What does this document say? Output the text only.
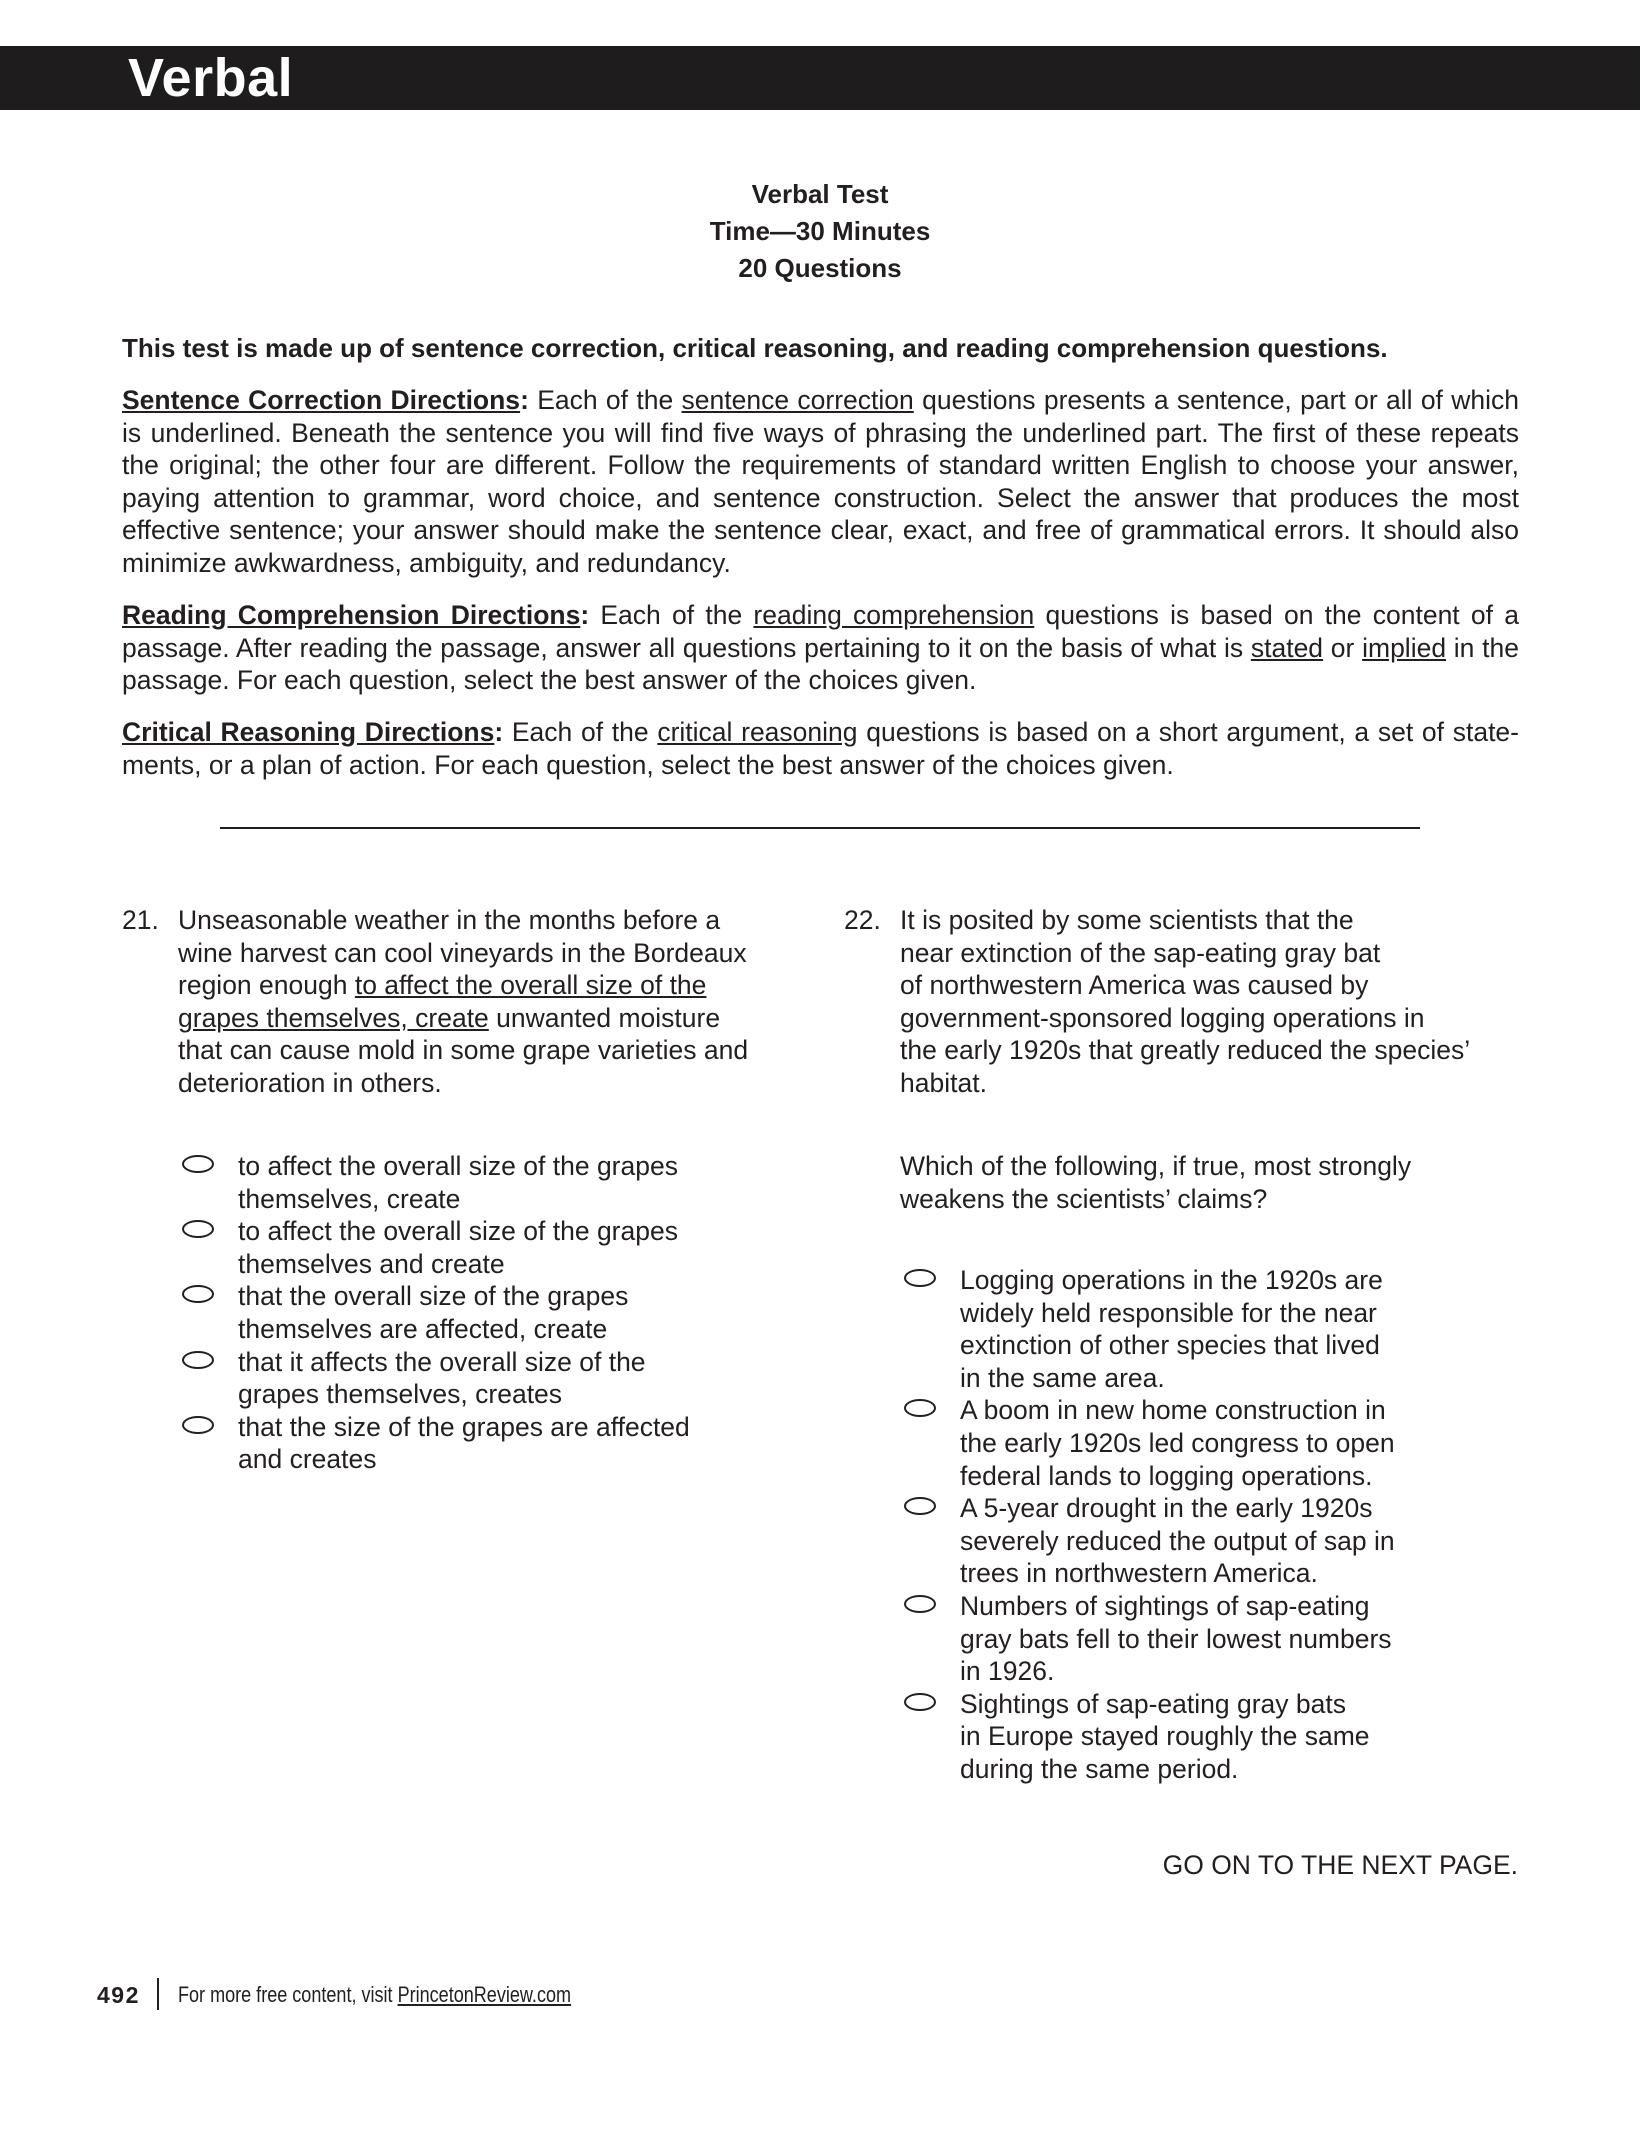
Verbal
Verbal Test
Time—30 Minutes
20 Questions
This test is made up of sentence correction, critical reasoning, and reading comprehension questions.
Sentence Correction Directions: Each of the sentence correction questions presents a sentence, part or all of which is underlined. Beneath the sentence you will find five ways of phrasing the underlined part. The first of these repeats the original; the other four are different. Follow the requirements of standard written English to choose your answer, paying attention to grammar, word choice, and sentence construction. Select the answer that produces the most effective sentence; your answer should make the sentence clear, exact, and free of grammatical errors. It should also minimize awkwardness, ambiguity, and redundancy.
Reading Comprehension Directions: Each of the reading comprehension questions is based on the content of a passage. After reading the passage, answer all questions pertaining to it on the basis of what is stated or implied in the passage. For each question, select the best answer of the choices given.
Critical Reasoning Directions: Each of the critical reasoning questions is based on a short argument, a set of state-ments, or a plan of action. For each question, select the best answer of the choices given.
21. Unseasonable weather in the months before a
wine harvest can cool vineyards in the Bordeaux
region enough to affect the overall size of the
grapes themselves, create unwanted moisture
that can cause mold in some grape varieties and
deterioration in others.
to affect the overall size of the grapes
themselves, create
to affect the overall size of the grapes
themselves and create
that the overall size of the grapes
themselves are affected, create
that it affects the overall size of the
grapes themselves, creates
that the size of the grapes are affected
and creates
22. It is posited by some scientists that the
near extinction of the sap-eating gray bat
of northwestern America was caused by
government-sponsored logging operations in
the early 1920s that greatly reduced the species’
habitat.
Which of the following, if true, most strongly
weakens the scientists’ claims?
Logging operations in the 1920s are
widely held responsible for the near
extinction of other species that lived
in the same area.
A boom in new home construction in
the early 1920s led congress to open
federal lands to logging operations.
A 5-year drought in the early 1920s
severely reduced the output of sap in
trees in northwestern America.
Numbers of sightings of sap-eating
gray bats fell to their lowest numbers
in 1926.
Sightings of sap-eating gray bats
in Europe stayed roughly the same
during the same period.
GO ON TO THE NEXT PAGE.
492 For more free content, visit PrincetonReview.com
